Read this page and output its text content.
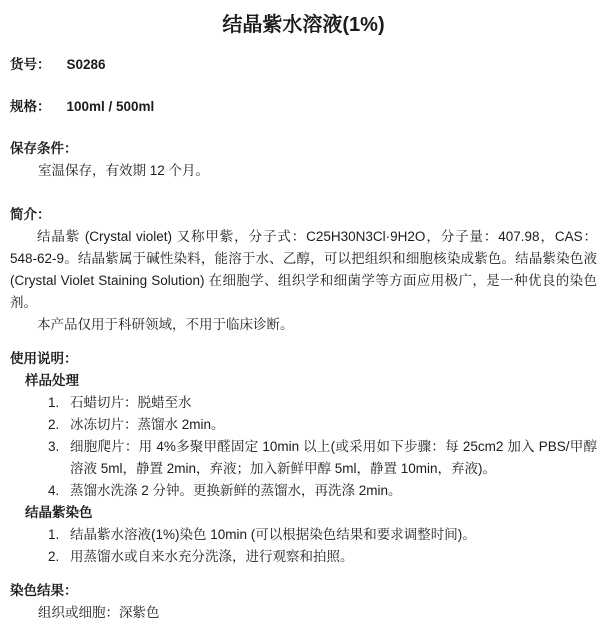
结晶紫水溶液(1%)
货号： S0286
规格： 100ml / 500ml
保存条件：
室温保存，有效期 12 个月。
简介：

结晶紫 (Crystal violet) 又称甲紫，分子式：C25H30N3Cl·9H2O，分子量：407.98，CAS：548-62-9。结晶紫属于碱性染料，能溶于水、乙醇，可以把组织和细胞核染成紫色。结晶紫染色液 (Crystal Violet Staining Solution) 在细胞学、组织学和细菌学等方面应用极广，是一种优良的染色剂。

本产品仅用于科研领域，不用于临床诊断。

使用说明：
样品处理
1. 石蜡切片：脱蜡至水
2. 冰冻切片：蒸馏水 2min。
3. 细胞爬片：用 4%多聚甲醛固定 10min 以上(或采用如下步骤：每 25cm2 加入 PBS/甲醇溶液 5ml，静置 2min，弃液；加入新鲜甲醇 5ml，静置 10min，弃液)。
4. 蒸馏水洗涤 2 分钟。更换新鲜的蒸馏水，再洗涤 2min。
结晶紫染色
1. 结晶紫水溶液(1%)染色 10min (可以根据染色结果和要求调整时间)。
2. 用蒸馏水或自来水充分洗涤，进行观察和拍照。
染色结果：
组织或细胞：深紫色
